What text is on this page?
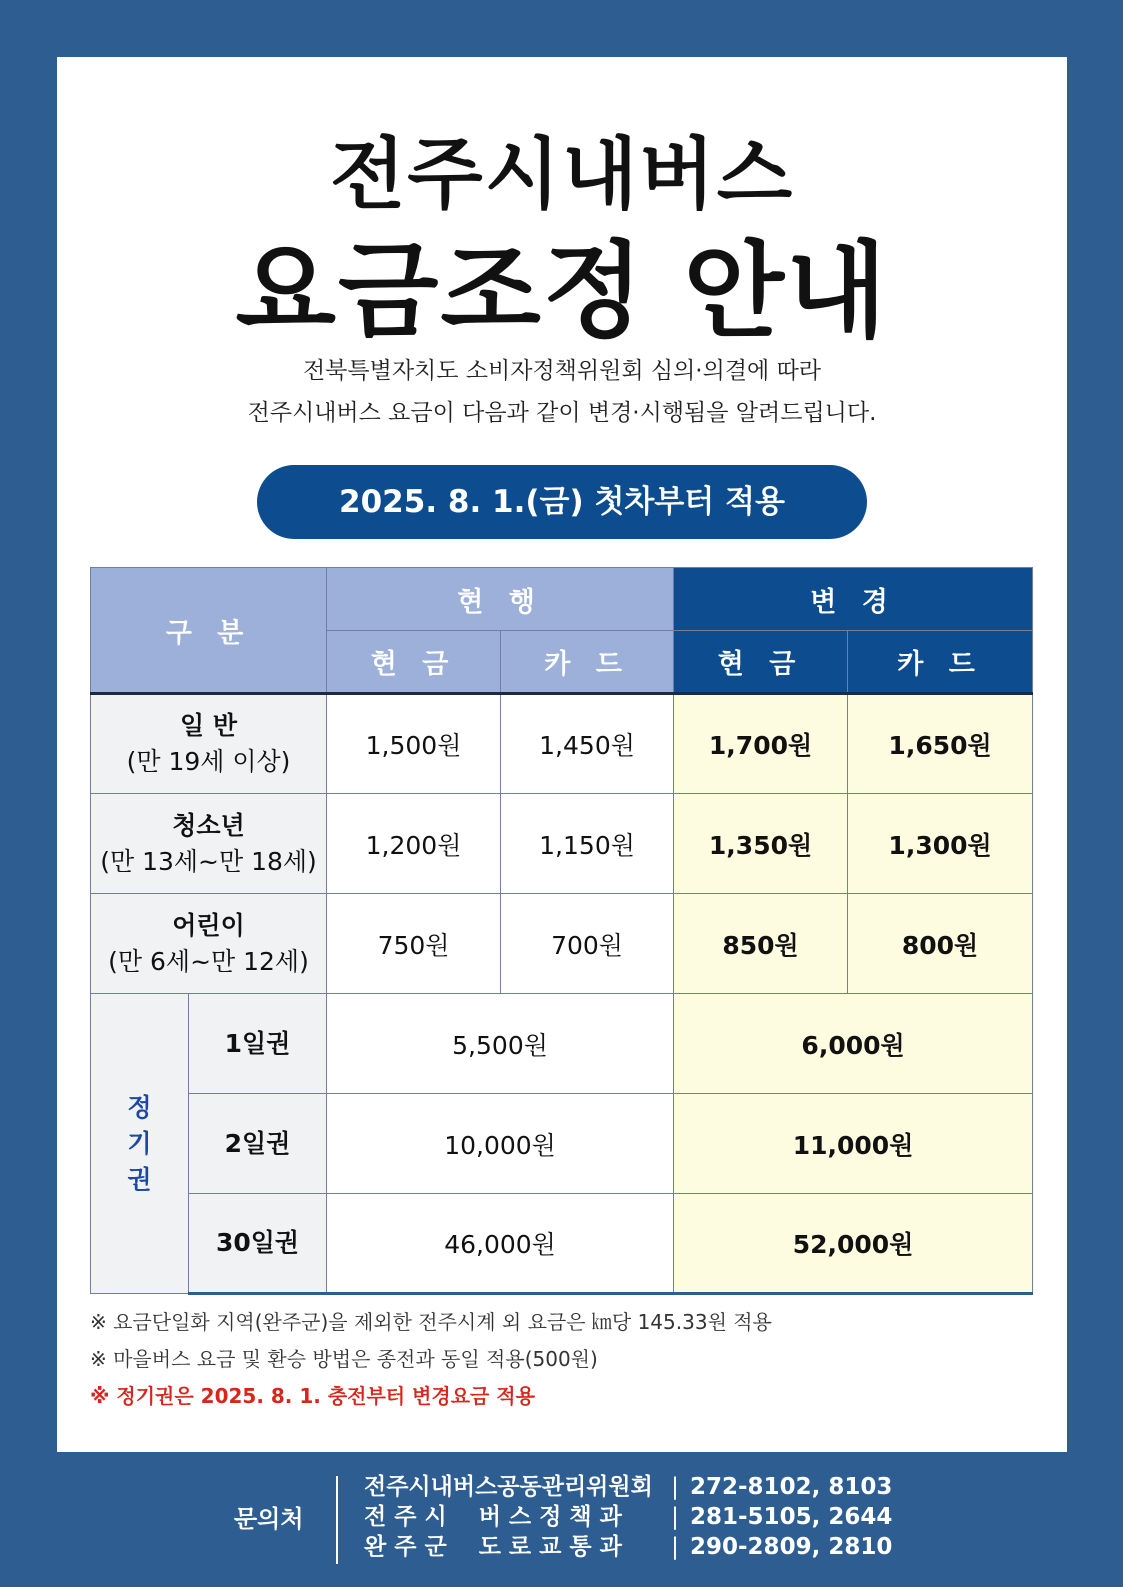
전주시내버스
요금조정 안내
전북특별자치도 소비자정책위원회 심의·의결에 따라
전주시내버스 요금이 다음과 같이 변경·시행됨을 알려드립니다.
2025. 8. 1.(금) 첫차부터 적용
구 분		현 행		변 경	
		현 금	카 드	현 금	카 드

일 반
(만 19세 이상)		1,500원	1,450원	1,700원	1,650원

청소년
(만 13세~만 18세)		1,200원	1,150원	1,350원	1,300원

어린이
(만 6세~만 12세)		750원	700원	850원	800원

정
기
권	1일권	5,500원		6,000원	
	2일권	10,000원		11,000원	
	30일권	46,000원		52,000원	
※ 요금단일화 지역(완주군)을 제외한 전주시계 외 요금은 ㎞당 145.33원 적용
※ 마을버스 요금 및 환승 방법은 종전과 동일 적용(500원)
※ 정기권은 2025. 8. 1. 충전부터 변경요금 적용
문의처
전주시내버스공동관리위원회 | 272-8102, 8103
전 주 시    버 스 정 책 과	| 281-5105, 2644
완 주 군    도 로 교 통 과	| 290-2809, 2810
